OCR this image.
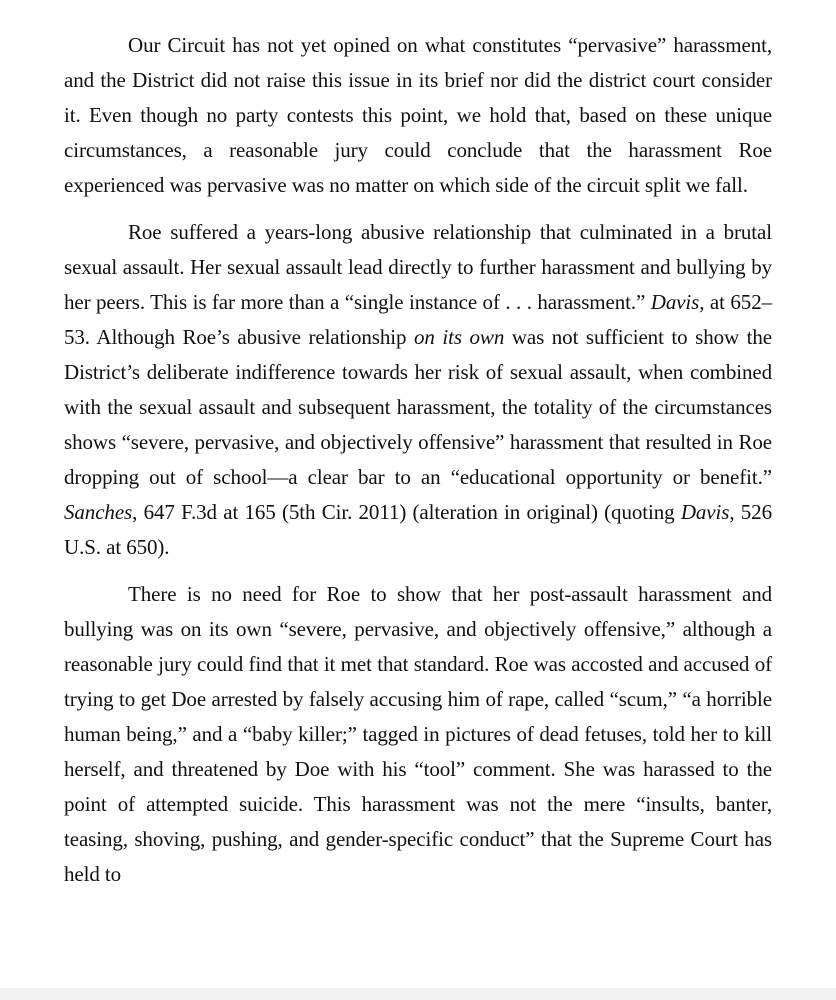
Our Circuit has not yet opined on what constitutes “pervasive” harassment, and the District did not raise this issue in its brief nor did the district court consider it. Even though no party contests this point, we hold that, based on these unique circumstances, a reasonable jury could conclude that the harassment Roe experienced was pervasive was no matter on which side of the circuit split we fall.

Roe suffered a years-long abusive relationship that culminated in a brutal sexual assault. Her sexual assault lead directly to further harassment and bullying by her peers. This is far more than a “single instance of . . . harassment.” Davis, at 652–53. Although Roe’s abusive relationship on its own was not sufficient to show the District’s deliberate indifference towards her risk of sexual assault, when combined with the sexual assault and subsequent harassment, the totality of the circumstances shows “severe, pervasive, and objectively offensive” harassment that resulted in Roe dropping out of school—a clear bar to an “educational opportunity or benefit.” Sanches, 647 F.3d at 165 (5th Cir. 2011) (alteration in original) (quoting Davis, 526 U.S. at 650).

There is no need for Roe to show that her post-assault harassment and bullying was on its own “severe, pervasive, and objectively offensive,” although a reasonable jury could find that it met that standard. Roe was accosted and accused of trying to get Doe arrested by falsely accusing him of rape, called “scum,” “a horrible human being,” and a “baby killer;” tagged in pictures of dead fetuses, told her to kill herself, and threatened by Doe with his “tool” comment. She was harassed to the point of attempted suicide. This harassment was not the mere “insults, banter, teasing, shoving, pushing, and gender-specific conduct” that the Supreme Court has held to
